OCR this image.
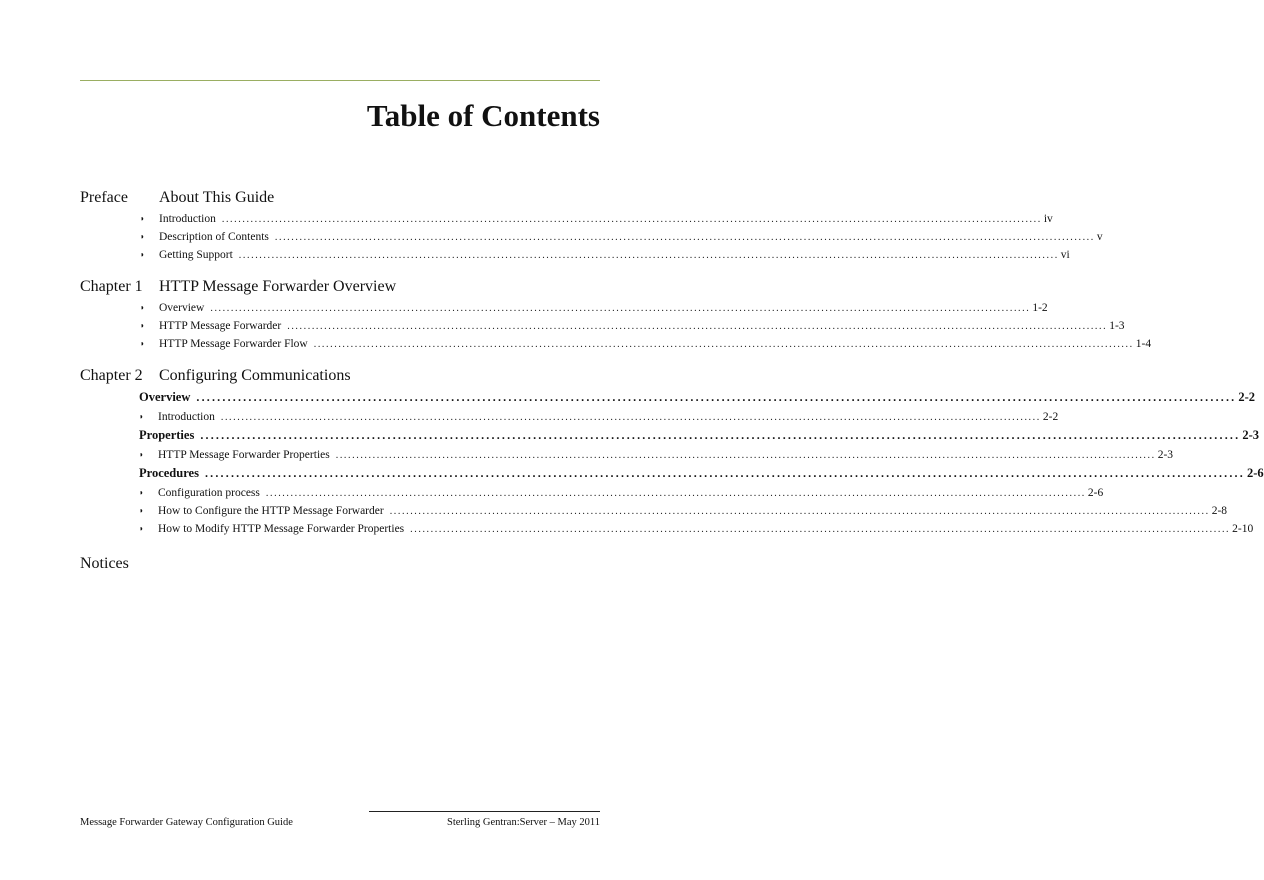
Table of Contents
Preface About This Guide
◗	Introduction ........................................................................................................................................................................................................ iv
◗	Description of Contents ........................................................................................................................................................................................................ v
◗	Getting Support ........................................................................................................................................................................................................ vi
Chapter 1 HTTP Message Forwarder Overview
◗	Overview ........................................................................................................................................................................................................ 1-2
◗	HTTP Message Forwarder ........................................................................................................................................................................................................ 1-3
◗	HTTP Message Forwarder Flow ........................................................................................................................................................................................................ 1-4
Chapter 2 Configuring Communications
Overview ........................................................................................................................................................................................................ 2-2
◗	Introduction ........................................................................................................................................................................................................ 2-2
Properties ........................................................................................................................................................................................................ 2-3
◗	HTTP Message Forwarder Properties ........................................................................................................................................................................................................ 2-3
Procedures ........................................................................................................................................................................................................ 2-6
◗	Configuration process ........................................................................................................................................................................................................ 2-6
◗	How to Configure the HTTP Message Forwarder ........................................................................................................................................................................................................ 2-8
◗	How to Modify HTTP Message Forwarder Properties ........................................................................................................................................................................................................ 2-10
Notices
Message Forwarder Gateway Configuration Guide	Sterling Gentran:Server – May 2011
